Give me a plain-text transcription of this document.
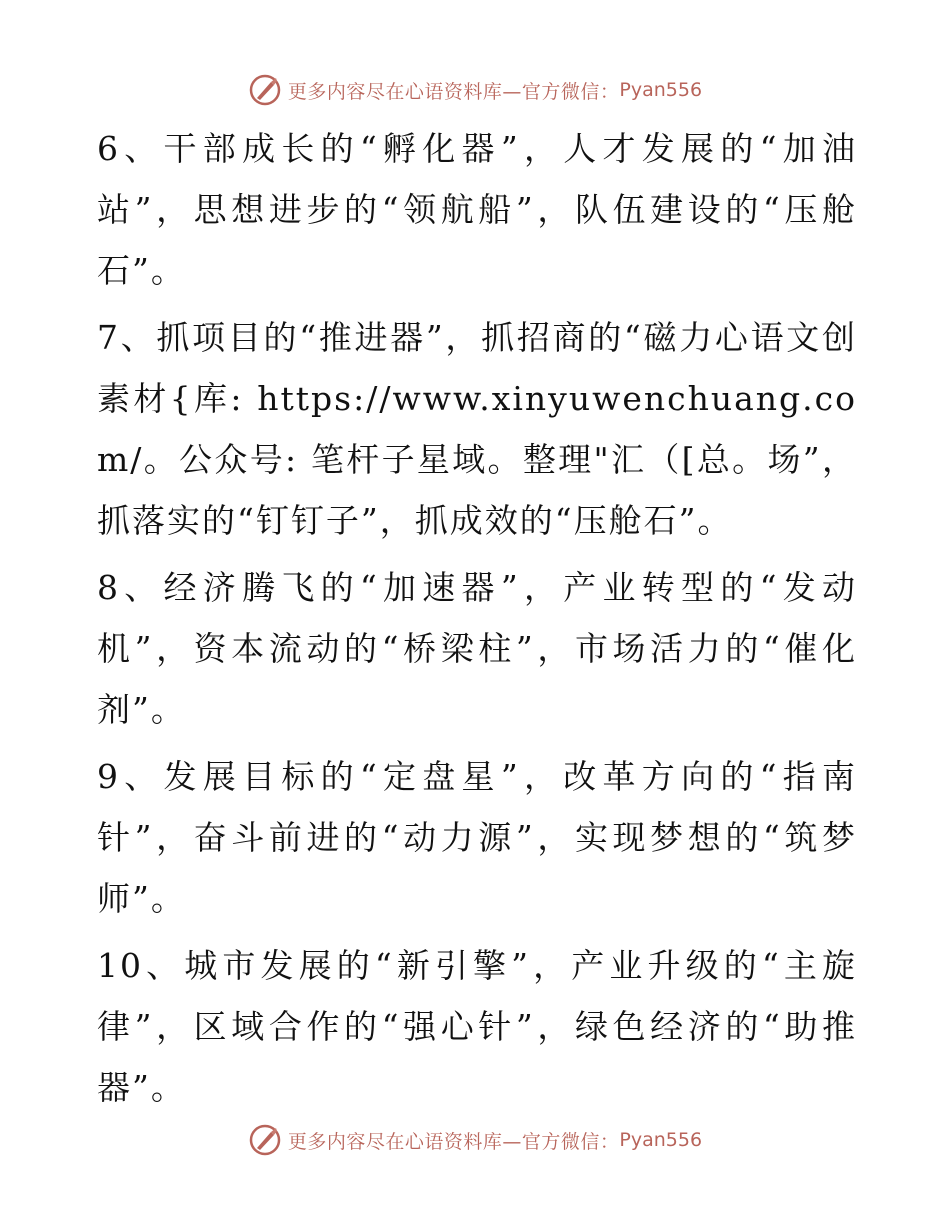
更多内容尽在心语资料库—官方微信： Pyan556

6、干部成长的“孵化器”，人才发展的“加油站”，思想进步的“领航船”，队伍建设的“压舱石”。

7、抓项目的“推进器”，抓招商的“磁力心语文创素材{库: https://www.xinyuwenchuang.com/。公众号: 笔杆子星域。整理"汇（[总。场”，抓落实的“钉钉子”，抓成效的“压舱石”。

8、经济腾飞的“加速器”，产业转型的“发动机”，资本流动的“桥梁柱”，市场活力的“催化剂”。

9、发展目标的“定盘星”，改革方向的“指南针”，奋斗前进的“动力源”，实现梦想的“筑梦师”。

10、城市发展的“新引擎”，产业升级的“主旋律”，区域合作的“强心针”，绿色经济的“助推器”。

更多内容尽在心语资料库—官方微信： Pyan556
